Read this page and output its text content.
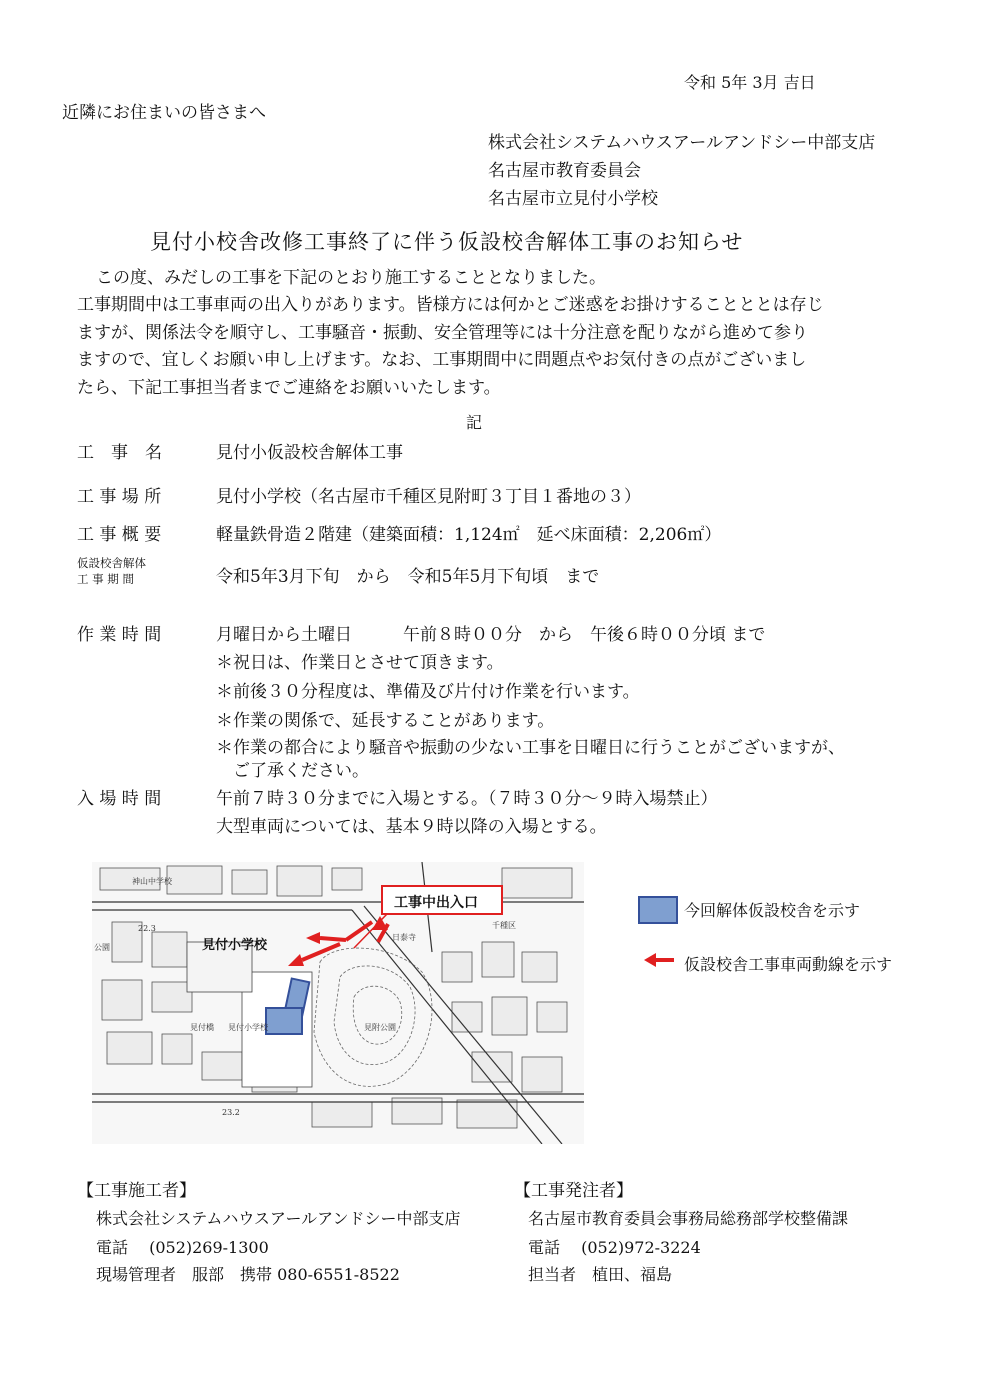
令和 5年 3月 吉日
近隣にお住まいの皆さまへ
株式会社システムハウスアールアンドシー中部支店
名古屋市教育委員会
名古屋市立見付小学校
見付小校舎改修工事終了に伴う仮設校舎解体工事のお知らせ
この度、みだしの工事を下記のとおり施工することとなりました。
工事期間中は工事車両の出入りがあります。皆様方には何かとご迷惑をお掛けすることととは存じ
ますが、関係法令を順守し、工事騒音・振動、安全管理等には十分注意を配りながら進めて参り
ますので、宜しくお願い申し上げます。なお、工事期間中に問題点やお気付きの点がございまし
たら、下記工事担当者までご連絡をお願いいたします。
記
工　事　名	見付小仮設校舎解体工事
工 事 場 所	見付小学校（名古屋市千種区見附町３丁目１番地の３）
工 事 概 要	軽量鉄骨造２階建（建築面積：1,124㎡　延べ床面積：2,206㎡）
仮設校舎解体
工 事 期 間	令和5年3月下旬　から　令和5年5月下旬頃　まで
作 業 時 間	月曜日から土曜日　　　午前８時００分　から　午後６時００分頃 まで
＊祝日は、作業日とさせて頂きます。
＊前後３０分程度は、準備及び片付け作業を行います。
＊作業の関係で、延長することがあります。
＊作業の都合により騒音や振動の少ない工事を日曜日に行うことがございますが、
　ご了承ください。
入 場 時 間	午前７時３０分までに入場とする。（７時３０分～９時入場禁止）
大型車両については、基本９時以降の入場とする。
工事中出入口
見付小学校
神山中学校
公園
22.3
見付橋 見付小学校	見附公園
日泰寺
千種区
23.2
今回解体仮設校舎を示す
仮設校舎工事車両動線を示す
【工事施工者】
株式会社システムハウスアールアンドシー中部支店
電話　 (052)269-1300
現場管理者　服部　携帯 080-6551-8522
【工事発注者】
名古屋市教育委員会事務局総務部学校整備課
電話　 (052)972-3224
担当者　植田、福島
